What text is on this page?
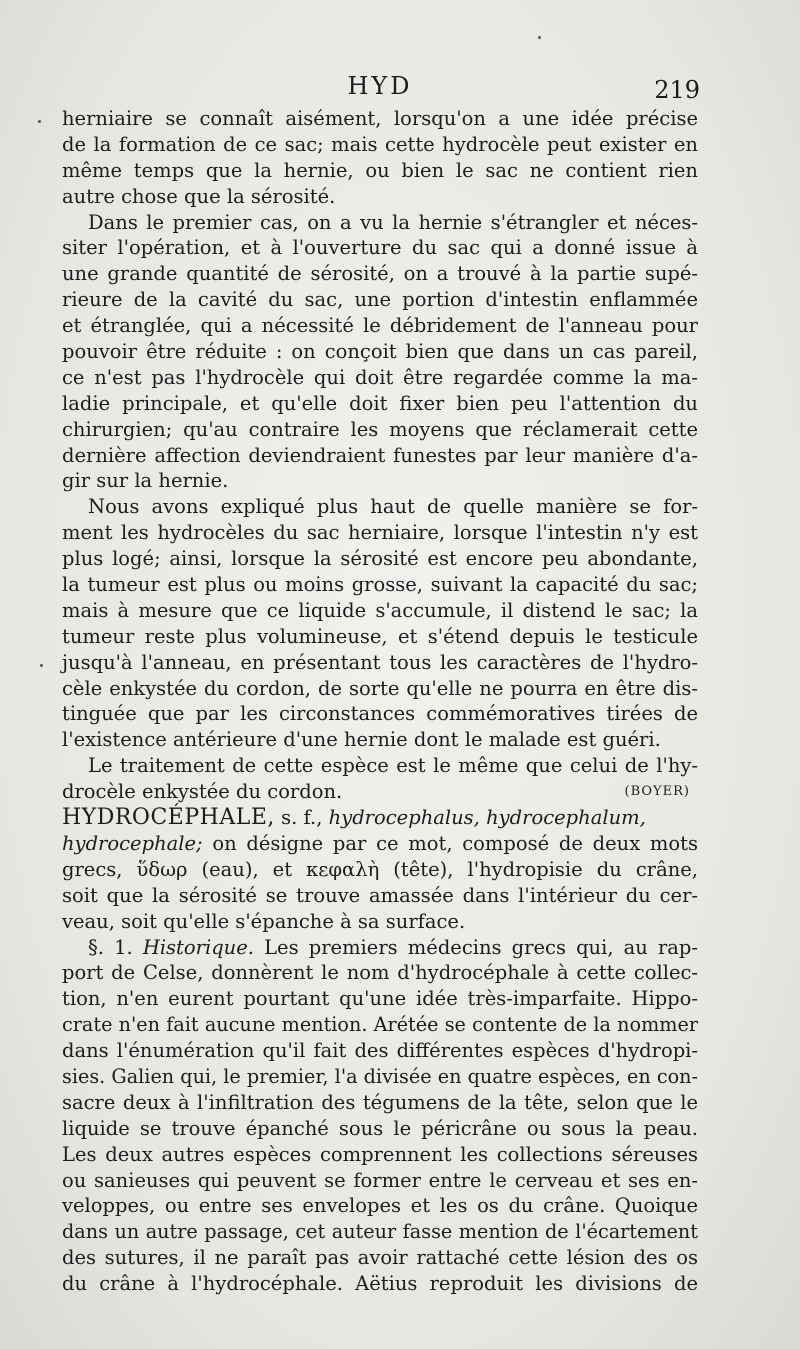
HYD	219
herniaire se connaît aisément, lorsqu'on a une idée précise
de la formation de ce sac; mais cette hydrocèle peut exister en
même temps que la hernie, ou bien le sac ne contient rien
autre chose que la sérosité.
Dans le premier cas, on a vu la hernie s'étrangler et néces-
siter l'opération, et à l'ouverture du sac qui a donné issue à
une grande quantité de sérosité, on a trouvé à la partie supé-
rieure de la cavité du sac, une portion d'intestin enflammée
et étranglée, qui a nécessité le débridement de l'anneau pour
pouvoir être réduite : on conçoit bien que dans un cas pareil,
ce n'est pas l'hydrocèle qui doit être regardée comme la ma-
ladie principale, et qu'elle doit fixer bien peu l'attention du
chirurgien; qu'au contraire les moyens que réclamerait cette
dernière affection deviendraient funestes par leur manière d'a-
gir sur la hernie.
Nous avons expliqué plus haut de quelle manière se for-
ment les hydrocèles du sac herniaire, lorsque l'intestin n'y est
plus logé; ainsi, lorsque la sérosité est encore peu abondante,
la tumeur est plus ou moins grosse, suivant la capacité du sac;
mais à mesure que ce liquide s'accumule, il distend le sac; la
tumeur reste plus volumineuse, et s'étend depuis le testicule
jusqu'à l'anneau, en présentant tous les caractères de l'hydro-
cèle enkystée du cordon, de sorte qu'elle ne pourra en être dis-
tinguée que par les circonstances commémoratives tirées de
l'existence antérieure d'une hernie dont le malade est guéri.
Le traitement de cette espèce est le même que celui de l'hy-
drocèle enkystée du cordon.	(BOYER)
HYDROCÉPHALE, s. f., hydrocephalus, hydrocephalum,
hydrocephale; on désigne par ce mot, composé de deux mots
grecs, ὕδωρ (eau), et κεφαλὴ (tête), l'hydropisie du crâne,
soit que la sérosité se trouve amassée dans l'intérieur du cer-
veau, soit qu'elle s'épanche à sa surface.
§. 1. Historique. Les premiers médecins grecs qui, au rap-
port de Celse, donnèrent le nom d'hydrocéphale à cette collec-
tion, n'en eurent pourtant qu'une idée très-imparfaite. Hippo-
crate n'en fait aucune mention. Arétée se contente de la nommer
dans l'énumération qu'il fait des différentes espèces d'hydropi-
sies. Galien qui, le premier, l'a divisée en quatre espèces, en con-
sacre deux à l'infiltration des tégumens de la tête, selon que le
liquide se trouve épanché sous le péricrâne ou sous la peau.
Les deux autres espèces comprennent les collections séreuses
ou sanieuses qui peuvent se former entre le cerveau et ses en-
veloppes, ou entre ses envelopes et les os du crâne. Quoique
dans un autre passage, cet auteur fasse mention de l'écartement
des sutures, il ne paraît pas avoir rattaché cette lésion des os
du crâne à l'hydrocéphale. Aëtius reproduit les divisions de
